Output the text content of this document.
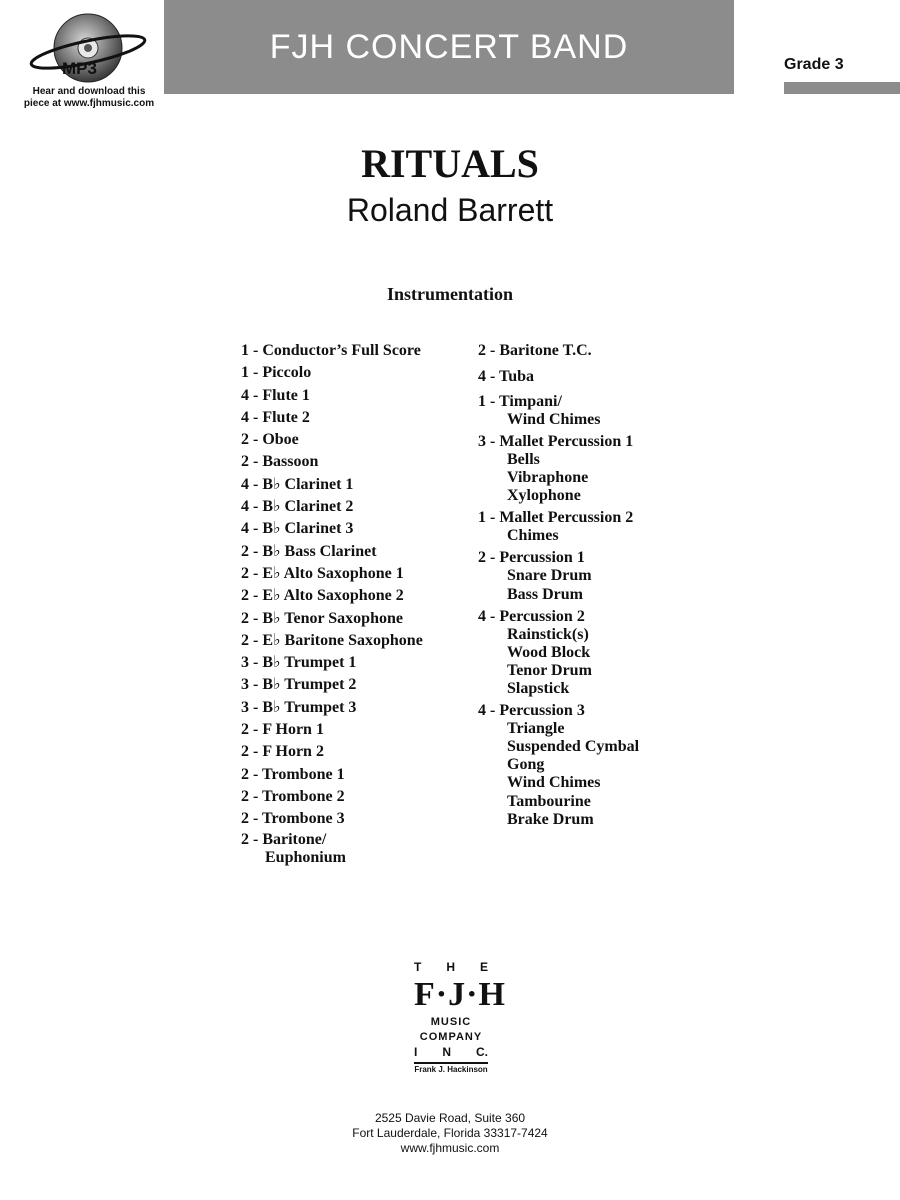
MP3
Hear and download this
piece at www.fjhmusic.com
FJH CONCERT BAND	Grade 3
RITUALS
Roland Barrett
Instrumentation
1 - Conductor’s Full Score
1 - Piccolo
4 - Flute 1
4 - Flute 2
2 - Oboe
2 - Bassoon
4 - B♭ Clarinet 1
4 - B♭ Clarinet 2
4 - B♭ Clarinet 3
2 - B♭ Bass Clarinet
2 - E♭ Alto Saxophone 1
2 - E♭ Alto Saxophone 2
2 - B♭ Tenor Saxophone
2 - E♭ Baritone Saxophone
3 - B♭ Trumpet 1
3 - B♭ Trumpet 2
3 - B♭ Trumpet 3
2 - F Horn 1
2 - F Horn 2
2 - Trombone 1
2 - Trombone 2
2 - Trombone 3
2 - Baritone/
Euphonium
2 - Baritone T.C.
4 - Tuba
1 - Timpani/
Wind Chimes
3 - Mallet Percussion 1
Bells
Vibraphone
Xylophone
1 - Mallet Percussion 2
Chimes
2 - Percussion 1
Snare Drum
Bass Drum
4 - Percussion 2
Rainstick(s)
Wood Block
Tenor Drum
Slapstick
4 - Percussion 3
Triangle
Suspended Cymbal
Gong
Wind Chimes
Tambourine
Brake Drum
T H E
F·J·H
MUSIC
COMPANY
I N C.
Frank J. Hackinson
2525 Davie Road, Suite 360
Fort Lauderdale, Florida 33317-7424
www.fjhmusic.com
